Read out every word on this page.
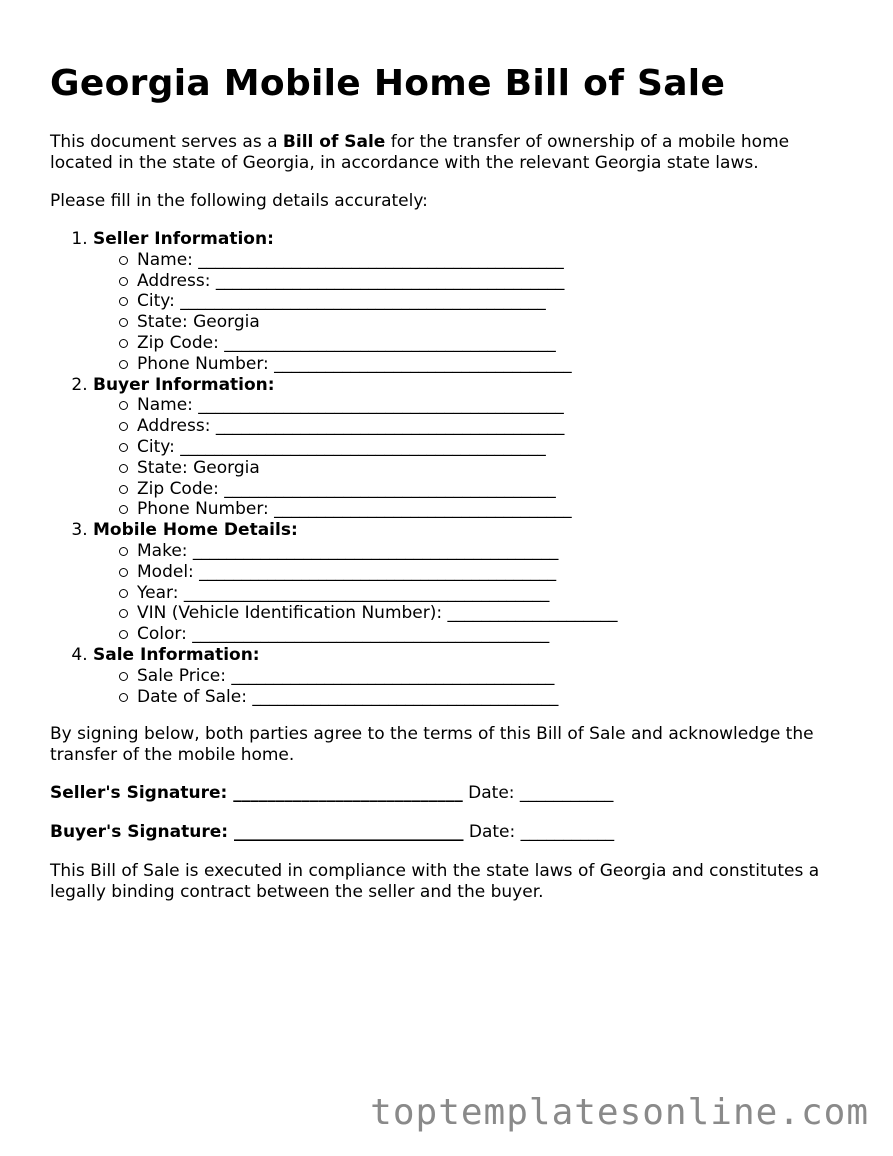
Georgia Mobile Home Bill of Sale

This document serves as a Bill of Sale for the transfer of ownership of a mobile home located in the state of Georgia, in accordance with the relevant Georgia state laws.

Please fill in the following details accurately:

1. Seller Information:
Name: ___________________________________________
Address: _________________________________________
City: ___________________________________________
State: Georgia
Zip Code: _______________________________________
Phone Number: ___________________________________
2. Buyer Information:
Name: ___________________________________________
Address: _________________________________________
City: ___________________________________________
State: Georgia
Zip Code: _______________________________________
Phone Number: ___________________________________
3. Mobile Home Details:
Make: ___________________________________________
Model: __________________________________________
Year: ___________________________________________
VIN (Vehicle Identification Number): ____________________
Color: __________________________________________
4. Sale Information:
Sale Price: ______________________________________
Date of Sale: ____________________________________

By signing below, both parties agree to the terms of this Bill of Sale and acknowledge the transfer of the mobile home.

Seller's Signature: ___________________________ Date: ___________

Buyer's Signature: ___________________________ Date: ___________

This Bill of Sale is executed in compliance with the state laws of Georgia and constitutes a legally binding contract between the seller and the buyer.

toptemplatesonline.com
